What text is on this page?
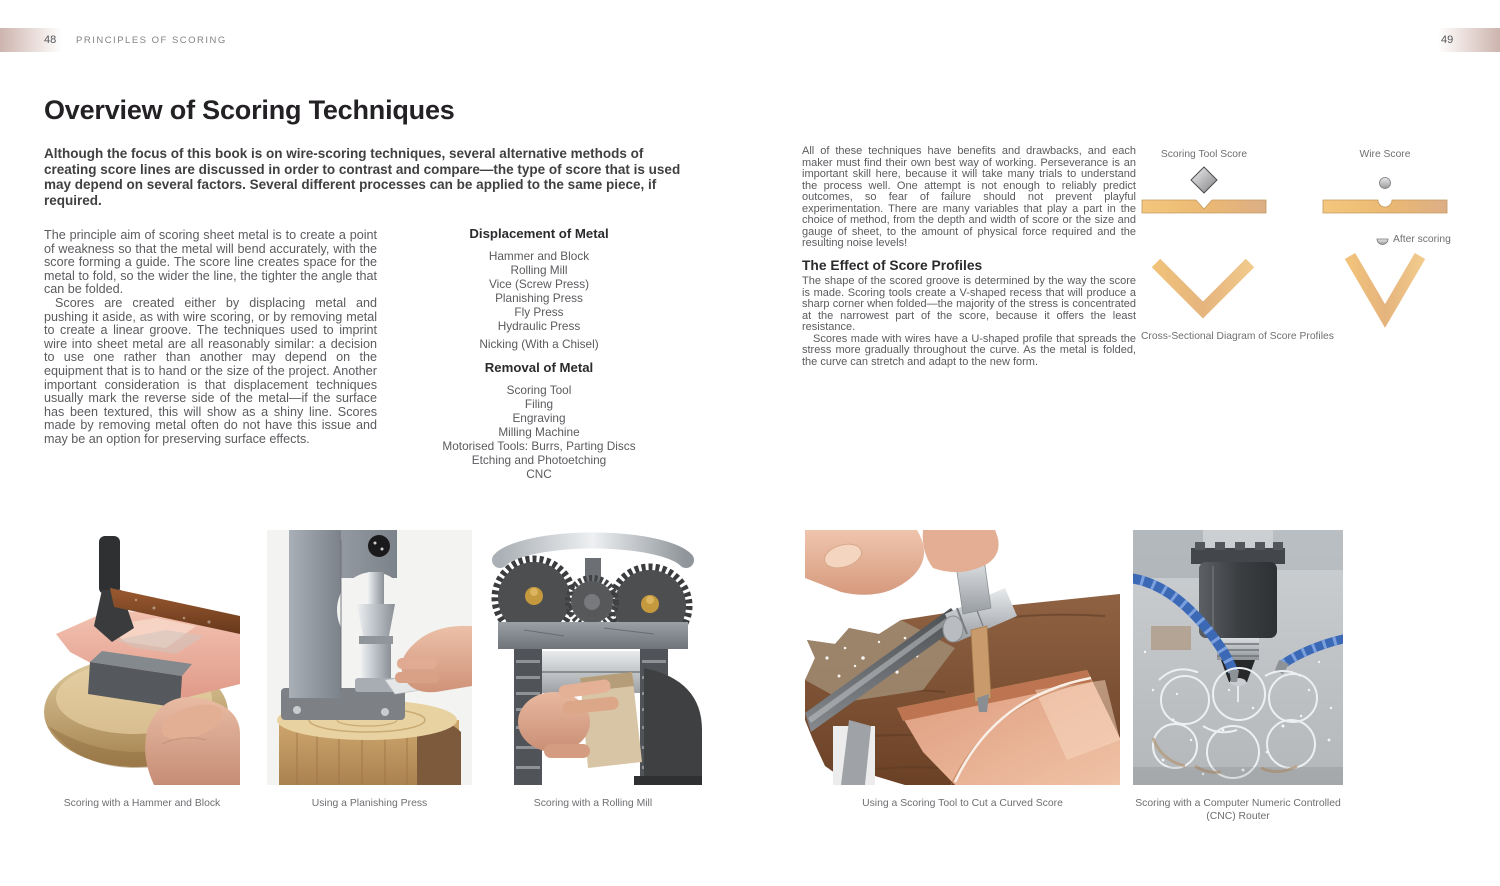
48 PRINCIPLES OF SCORING	49
Overview of Scoring Techniques

Although the focus of this book is on wire-scoring techniques, several alternative methods of creating score lines are discussed in order to contrast and compare—the type of score that is used may depend on several factors. Several different processes can be applied to the same piece, if required.

The principle aim of scoring sheet metal is to create a point of weakness so that the metal will bend accurately, with the score forming a guide. The score line creates space for the metal to fold, so the wider the line, the tighter the angle that can be folded.

Scores are created either by displacing metal and pushing it aside, as with wire scoring, or by removing metal to create a linear groove. The techniques used to imprint wire into sheet metal are all reasonably similar: a decision to use one rather than another may depend on the equipment that is to hand or the size of the project. Another important consideration is that displacement techniques usually mark the reverse side of the metal—if the surface has been textured, this will show as a shiny line. Scores made by removing metal often do not have this issue and may be an option for preserving surface effects.

Displacement of Metal
Hammer and Block
Rolling Mill
Vice (Screw Press)
Planishing Press
Fly Press
Hydraulic Press
Nicking (With a Chisel)
Removal of Metal
Scoring Tool
Filing
Engraving
Milling Machine
Motorised Tools: Burrs, Parting Discs
Etching and Photoetching
CNC

All of these techniques have benefits and drawbacks, and each maker must find their own best way of working. Perseverance is an important skill here, because it will take many trials to understand the process well. One attempt is not enough to reliably predict outcomes, so fear of failure should not prevent playful experimentation. There are many variables that play a part in the choice of method, from the depth and width of score or the size and gauge of sheet, to the amount of physical force required and the resulting noise levels!

The Effect of Score Profiles

The shape of the scored groove is determined by the way the score is made. Scoring tools create a V-shaped recess that will produce a sharp corner when folded—the majority of the stress is concentrated at the narrowest part of the score, because it offers the least resistance.

Scores made with wires have a U-shaped profile that spreads the stress more gradually throughout the curve. As the metal is folded, the curve can stretch and adapt to the new form.

Scoring Tool Score	Wire Score
After scoring
Cross-Sectional Diagram of Score Profiles
Scoring with a Hammer and Block	Using a Planishing Press	Scoring with a Rolling Mill	Using a Scoring Tool to Cut a Curved Score	Scoring with a Computer Numeric Controlled (CNC) Router
